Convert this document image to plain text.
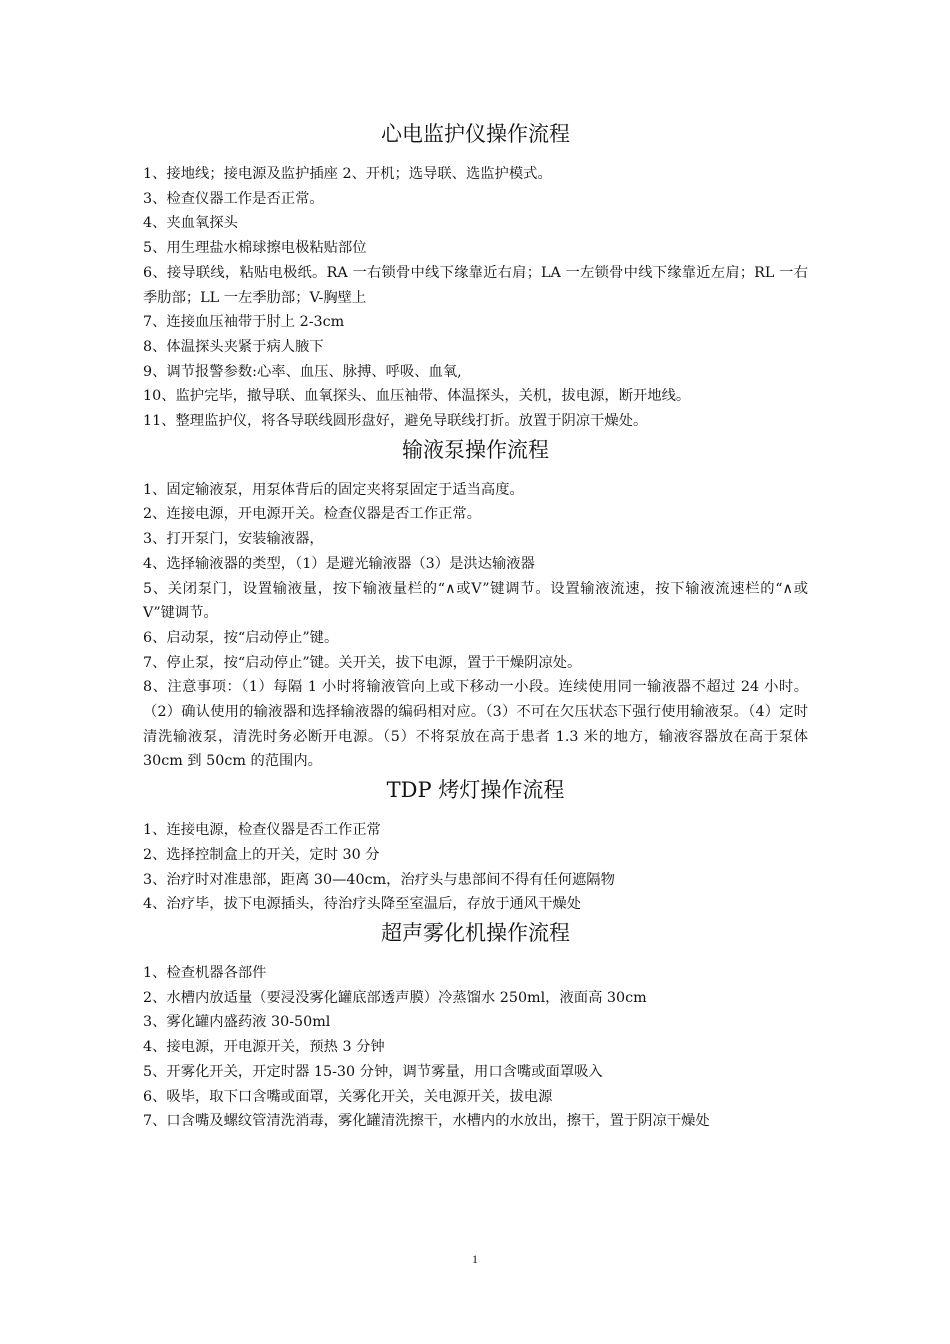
心电监护仪操作流程
1、接地线；接电源及监护插座 2、开机；选导联、选监护模式。
3、检查仪器工作是否正常。
4、夹血氧探头
5、用生理盐水棉球擦电极粘贴部位
6、接导联线，粘贴电极纸。RA 一右锁骨中线下缘靠近右肩；LA 一左锁骨中线下缘靠近左肩；RL 一右季肋部；LL 一左季肋部；V-胸壁上
7、连接血压袖带于肘上 2-3cm
8、体温探头夹紧于病人腋下
9、调节报警参数:心率、血压、脉搏、呼吸、血氧,
10、监护完毕，撤导联、血氧探头、血压袖带、体温探头，关机，拔电源，断开地线。
11、整理监护仪，将各导联线圆形盘好，避免导联线打折。放置于阴凉干燥处。
输液泵操作流程
1、固定输液泵，用泵体背后的固定夹将泵固定于适当高度。
2、连接电源，开电源开关。检查仪器是否工作正常。
3、打开泵门，安装输液器，
4、选择输液器的类型，（1）是避光输液器（3）是洪达输液器
5、关闭泵门，设置输液量，按下输液量栏的“∧或Ⅴ”键调节。设置输液流速，按下输液流速栏的“∧或Ⅴ”键调节。
6、启动泵，按“启动停止”键。
7、停止泵，按“启动停止”键。关开关，拔下电源，置于干燥阴凉处。
8、注意事项：（1）每隔 1 小时将输液管向上或下移动一小段。连续使用同一输液器不超过 24 小时。（2）确认使用的输液器和选择输液器的编码相对应。（3）不可在欠压状态下强行使用输液泵。（4）定时清洗输液泵，清洗时务必断开电源。（5）不将泵放在高于患者 1.3 米的地方，输液容器放在高于泵体 30cm 到 50cm 的范围内。
TDP 烤灯操作流程
1、连接电源，检查仪器是否工作正常
2、选择控制盒上的开关，定时 30 分
3、治疗时对准患部，距离 30—40cm，治疗头与患部间不得有任何遮隔物
4、治疗毕，拔下电源插头，待治疗头降至室温后，存放于通风干燥处
超声雾化机操作流程
1、检查机器各部件
2、水槽内放适量（要浸没雾化罐底部透声膜）冷蒸馏水 250ml，液面高 30cm
3、雾化罐内盛药液 30-50ml
4、接电源，开电源开关，预热 3 分钟
5、开雾化开关，开定时器 15-30 分钟，调节雾量，用口含嘴或面罩吸入
6、吸毕，取下口含嘴或面罩，关雾化开关，关电源开关，拔电源
7、口含嘴及螺纹管清洗消毒，雾化罐清洗擦干，水槽内的水放出，擦干，置于阴凉干燥处
1
